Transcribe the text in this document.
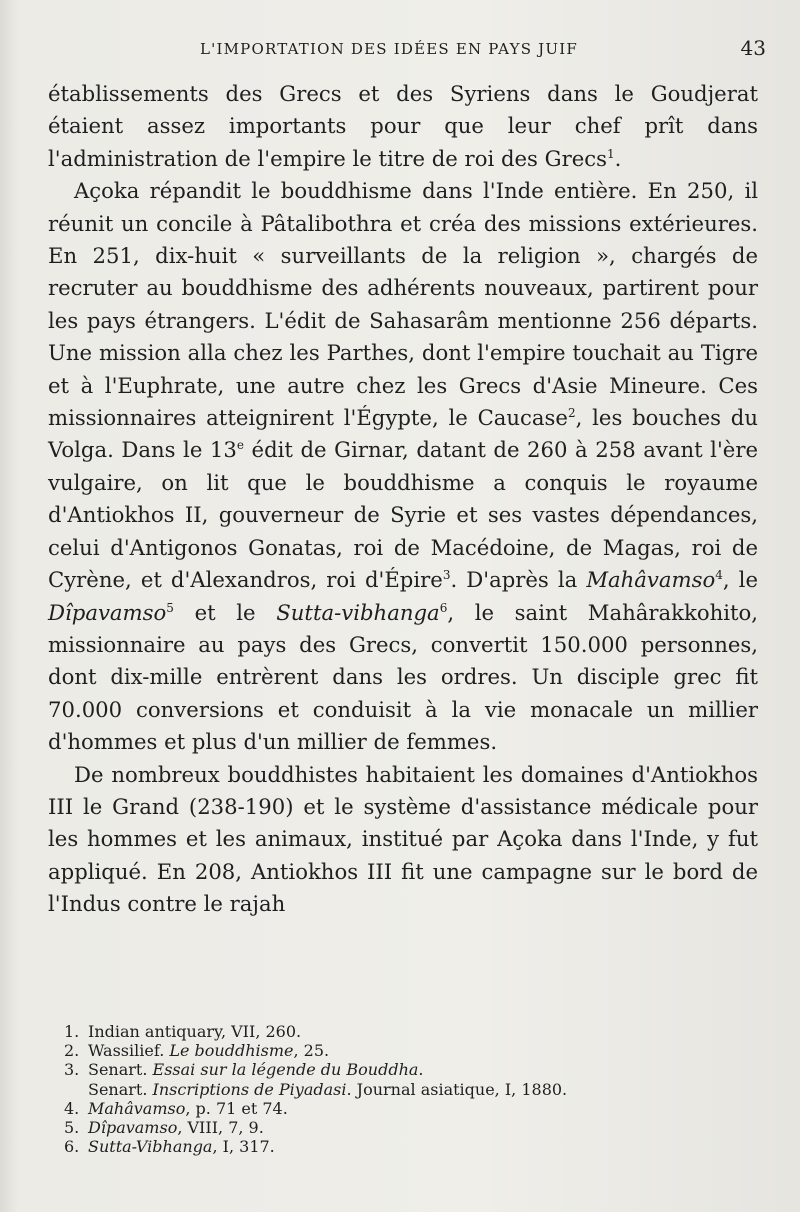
L'IMPORTATION DES IDÉES EN PAYS JUIF	43

établissements des Grecs et des Syriens dans le Goudjerat étaient assez importants pour que leur chef prît dans l'administration de l'empire le titre de roi des Grecs$^1$.

Açoka répandit le bouddhisme dans l'Inde entière. En 250, il réunit un concile à Pâtalibothra et créa des missions extérieures. En 251, dix-huit « surveillants de la religion », chargés de recruter au bouddhisme des adhérents nouveaux, partirent pour les pays étrangers. L'édit de Sahasarâm mentionne 256 départs. Une mission alla chez les Parthes, dont l'empire touchait au Tigre et à l'Euphrate, une autre chez les Grecs d'Asie Mineure. Ces missionnaires atteignirent l'Égypte, le Caucase$^2$, les bouches du Volga. Dans le 13e édit de Girnar, datant de 260 à 258 avant l'ère vulgaire, on lit que le bouddhisme a conquis le royaume d'Antiokhos II, gouverneur de Syrie et ses vastes dépendances, celui d'Antigonos Gonatas, roi de Macédoine, de Magas, roi de Cyrène, et d'Alexandros, roi d'Épire$^3$. D'après la Mahâvamso$^4$, le Dîpavamso$^5$ et le Sutta-vibhanga$^6$, le saint Mahârakkohito, missionnaire au pays des Grecs, convertit 150.000 personnes, dont dix-mille entrèrent dans les ordres. Un disciple grec fit 70.000 conversions et conduisit à la vie monacale un millier d'hommes et plus d'un millier de femmes.

De nombreux bouddhistes habitaient les domaines d'Antiokhos III le Grand (238-190) et le système d'assistance médicale pour les hommes et les animaux, institué par Açoka dans l'Inde, y fut appliqué. En 208, Antiokhos III fit une campagne sur le bord de l'Indus contre le rajah

1. Indian antiquary, VII, 260.
2. Wassilief. Le bouddhisme, 25.
3. Senart. Essai sur la légende du Bouddha.
Senart. Inscriptions de Piyadasi. Journal asiatique, I, 1880.
4. Mahâvamso, p. 71 et 74.
5. Dîpavamso, VIII, 7, 9.
6. Sutta-Vibhanga, I, 317.
